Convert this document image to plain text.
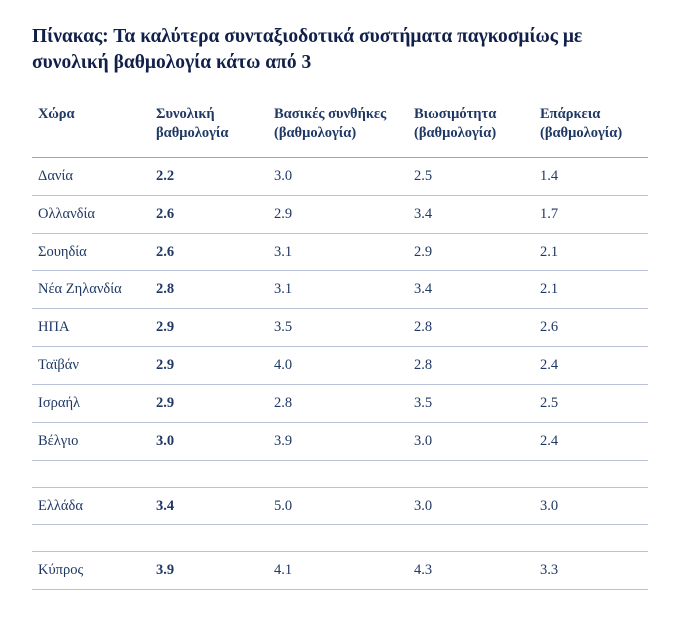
Πίνακας: Τα καλύτερα συνταξιοδοτικά συστήματα παγκοσμίως με συνολική βαθμολογία κάτω από 3
Χώρα	Συνολική βαθμολογία	Βασικές συνθήκες (βαθμολογία)	Βιωσιμότητα (βαθμολογία)	Επάρκεια (βαθμολογία)
Δανία	2.2	3.0	2.5	1.4
Ολλανδία	2.6	2.9	3.4	1.7
Σουηδία	2.6	3.1	2.9	2.1
Νέα Ζηλανδία	2.8	3.1	3.4	2.1
ΗΠΑ	2.9	3.5	2.8	2.6
Ταϊβάν	2.9	4.0	2.8	2.4
Ισραήλ	2.9	2.8	3.5	2.5
Βέλγιο	3.0	3.9	3.0	2.4

Ελλάδα	3.4	5.0	3.0	3.0

Κύπρος	3.9	4.1	4.3	3.3
